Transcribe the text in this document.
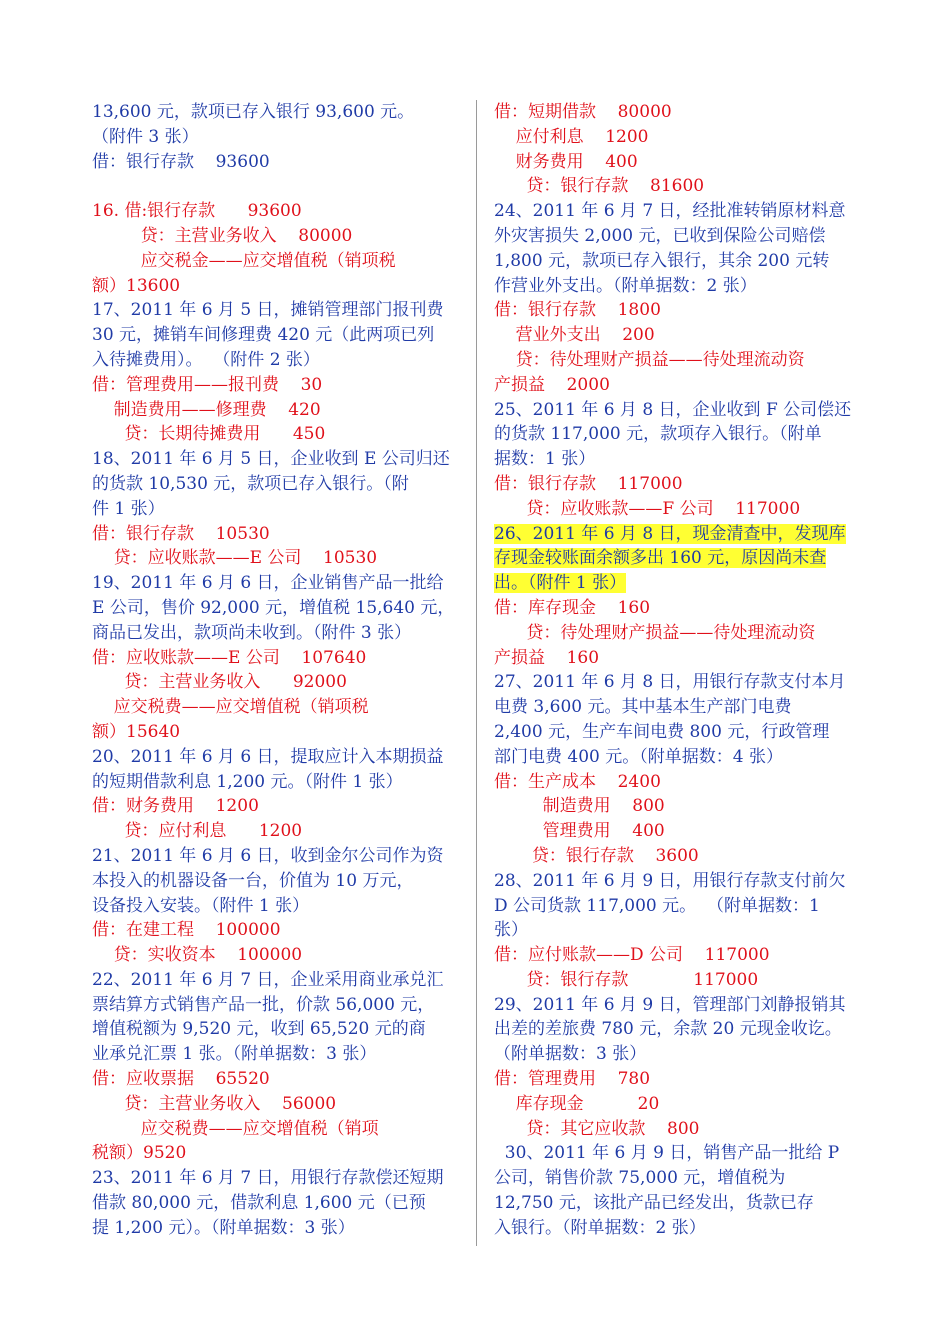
13,600 元，款项已存入银行 93,600 元。
（附件 3 张）
借：银行存款    93600
16. 借:银行存款      93600
贷：主营业务收入    80000
应交税金——应交增值税（销项税
额）13600
17、2011 年 6 月 5 日，摊销管理部门报刊费
30 元，摊销车间修理费 420 元（此两项已列
入待摊费用）。  （附件 2 张）
借：管理费用——报刊费    30
制造费用——修理费    420
贷：长期待摊费用      450
18、2011 年 6 月 5 日，企业收到 E 公司归还
的货款 10,530 元，款项已存入银行。（附
件 1 张）
借：银行存款    10530
贷：应收账款——E 公司    10530
19、2011 年 6 月 6 日，企业销售产品一批给
E 公司，售价 92,000 元，增值税 15,640 元，
商品已发出，款项尚未收到。（附件 3 张）
借：应收账款——E 公司    107640
贷：主营业务收入      92000
应交税费——应交增值税（销项税
额）15640
20、2011 年 6 月 6 日，提取应计入本期损益
的短期借款利息 1,200 元。（附件 1 张）
借：财务费用    1200
贷：应付利息      1200
21、2011 年 6 月 6 日，收到金尔公司作为资
本投入的机器设备一台，价值为 10 万元，
设备投入安装。（附件 1 张）
借：在建工程    100000
贷：实收资本    100000
22、2011 年 6 月 7 日，企业采用商业承兑汇
票结算方式销售产品一批，价款 56,000 元，
增值税额为 9,520 元，收到 65,520 元的商
业承兑汇票 1 张。（附单据数：3 张）
借：应收票据    65520
贷：主营业务收入    56000
应交税费——应交增值税（销项
税额）9520
23、2011 年 6 月 7 日，用银行存款偿还短期
借款 80,000 元，借款利息 1,600 元（已预
提 1,200 元）。（附单据数：3 张）
借：短期借款    80000
应付利息    1200
财务费用    400
贷：银行存款    81600
24、2011 年 6 月 7 日，经批准转销原材料意
外灾害损失 2,000 元，已收到保险公司赔偿
1,800 元，款项已存入银行，其余 200 元转
作营业外支出。（附单据数：2 张）
借：银行存款    1800
营业外支出    200
贷：待处理财产损益——待处理流动资
产损益    2000
25、2011 年 6 月 8 日，企业收到 F 公司偿还
的货款 117,000 元，款项存入银行。（附单
据数：1 张）
借：银行存款    117000
贷：应收账款——F 公司    117000
26、2011 年 6 月 8 日，现金清查中，发现库
存现金较账面余额多出 160 元，原因尚未查
出。（附件 1 张）
借：库存现金    160
贷：待处理财产损益——待处理流动资
产损益    160
27、2011 年 6 月 8 日，用银行存款支付本月
电费 3,600 元。其中基本生产部门电费
2,400 元，生产车间电费 800 元，行政管理
部门电费 400 元。（附单据数：4 张）
借：生产成本    2400
制造费用    800
管理费用    400
贷：银行存款    3600
28、2011 年 6 月 9 日，用银行存款支付前欠
D 公司货款 117,000 元。  （附单据数：1
张）
借：应付账款——D 公司    117000
贷：银行存款            117000
29、2011 年 6 月 9 日，管理部门刘静报销其
出差的差旅费 780 元，余款 20 元现金收讫。
（附单据数：3 张）
借：管理费用    780
库存现金          20
贷：其它应收款    800
30、2011 年 6 月 9 日，销售产品一批给 P
公司，销售价款 75,000 元，增值税为
12,750 元，该批产品已经发出，货款已存
入银行。（附单据数：2 张）
